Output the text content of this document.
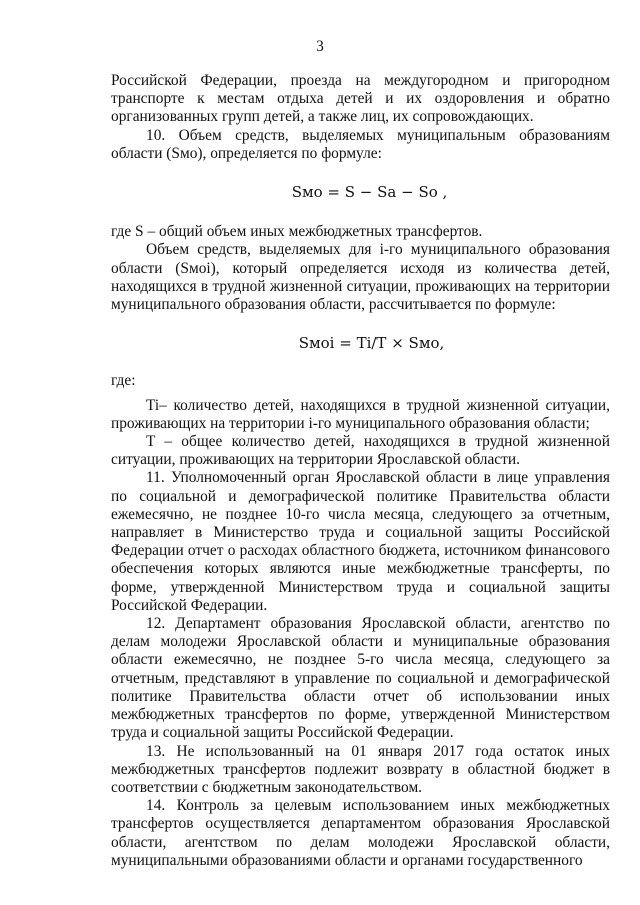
3

Российской Федерации, проезда на междугородном и пригородном транспорте к местам отдыха детей и их оздоровления и обратно организованных групп детей, а также лиц, их сопровождающих.

10. Объем средств, выделяемых муниципальным образованиям области (Sмо), определяется по формуле:

Sмо = S − Sа − Sо ,

где S – общий объем иных межбюджетных трансфертов.

Объем средств, выделяемых для i-го муниципального образования области (Sмоi), который определяется исходя из количества детей, находящихся в трудной жизненной ситуации, проживающих на территории муниципального образования области, рассчитывается по формуле:

Sмоi = Ti/T × Sмо,

где:

Ti– количество детей, находящихся в трудной жизненной ситуации, проживающих на территории i-го муниципального образования области;

T – общее количество детей, находящихся в трудной жизненной ситуации, проживающих на территории Ярославской области.

11. Уполномоченный орган Ярославской области в лице управления по социальной и демографической политике Правительства области ежемесячно, не позднее 10-го числа месяца, следующего за отчетным, направляет в Министерство труда и социальной защиты Российской Федерации отчет о расходах областного бюджета, источником финансового обеспечения которых являются иные межбюджетные трансферты, по форме, утвержденной Министерством труда и социальной защиты Российской Федерации.

12. Департамент образования Ярославской области, агентство по делам молодежи Ярославской области и муниципальные образования области ежемесячно, не позднее 5-го числа месяца, следующего за отчетным, представляют в управление по социальной и демографической политике Правительства области отчет об использовании иных межбюджетных трансфертов по форме, утвержденной Министерством труда и социальной защиты Российской Федерации.

13. Не использованный на 01 января 2017 года остаток иных межбюджетных трансфертов подлежит возврату в областной бюджет в соответствии с бюджетным законодательством.

14. Контроль за целевым использованием иных межбюджетных трансфертов осуществляется департаментом образования Ярославской области, агентством по делам молодежи Ярославской области, муниципальными образованиями области и органами государственного
